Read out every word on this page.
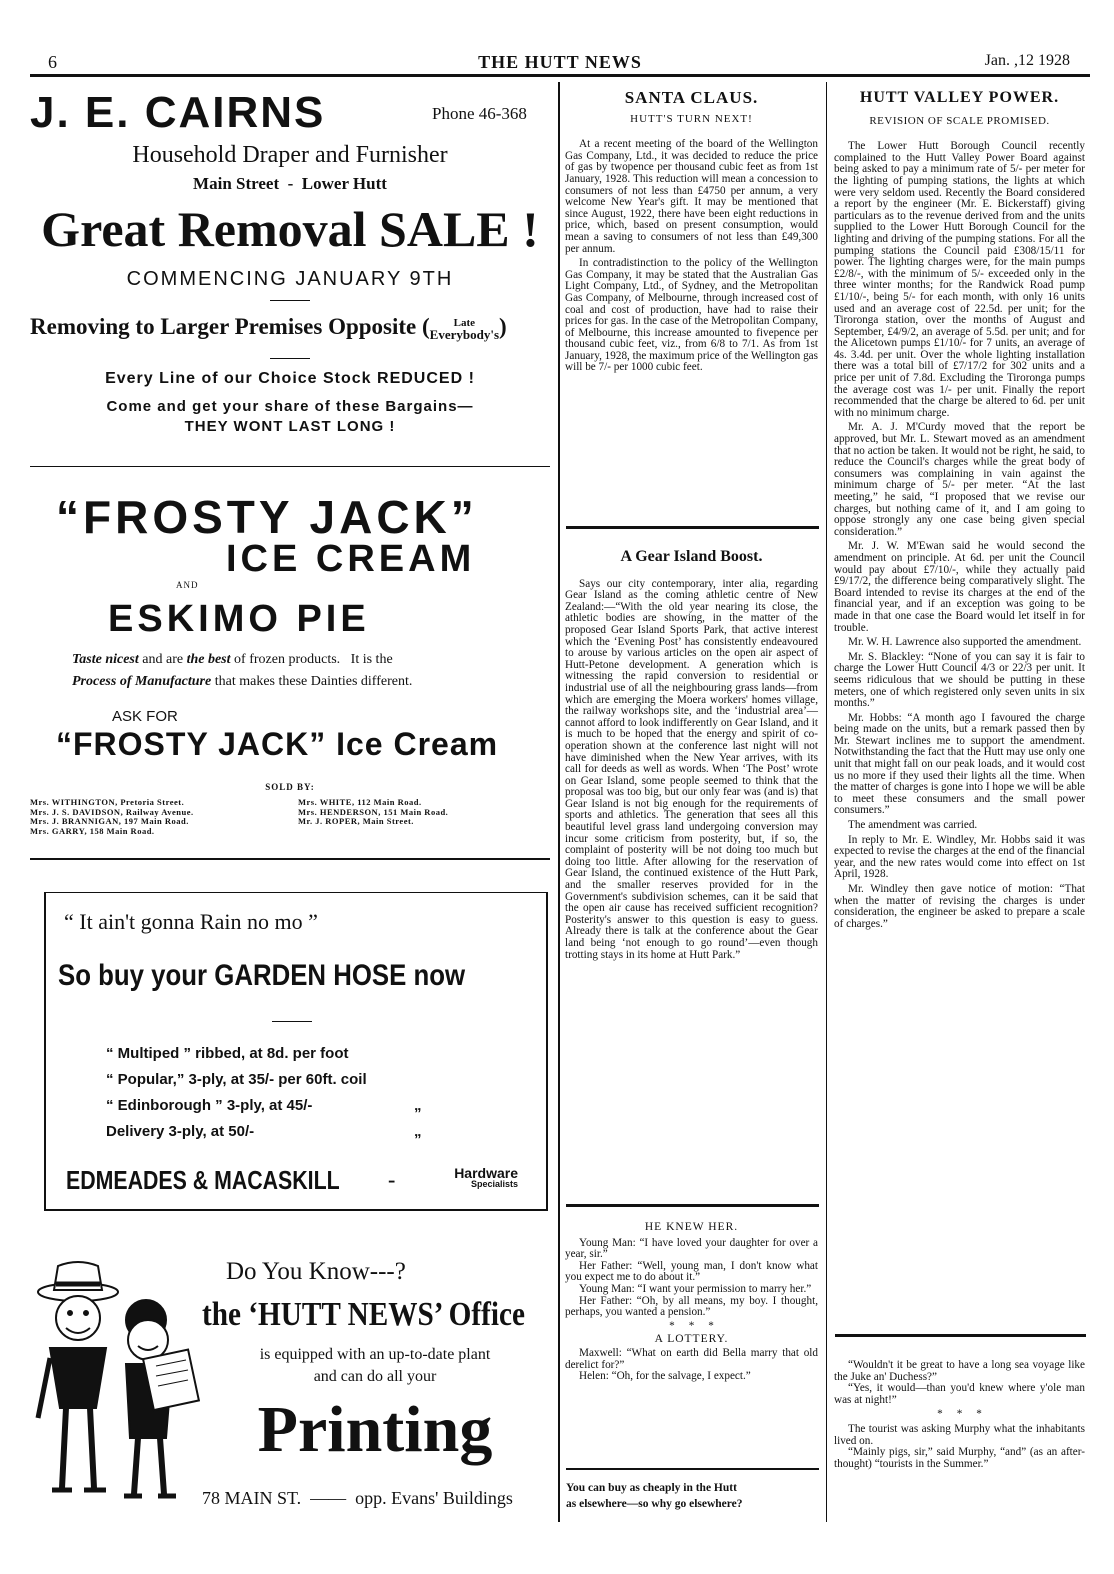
6	THE HUTT NEWS	Jan. ,12 1928
J. E. CAIRNS	Phone 46-368
Household Draper and Furnisher
Main Street  -  Lower Hutt
Great Removal SALE !
COMMENCING JANUARY 9TH
Removing to Larger Premises Opposite (	Late
Everybody's )
Every Line of our Choice Stock REDUCED !
Come and get your share of these Bargains—
THEY WONT LAST LONG !
“FROSTY JACK”
ICE CREAM
AND
ESKIMO PIE
Taste nicest and are the best of frozen products.   It is the
Process of Manufacture that makes these Dainties different.
ASK FOR
“FROSTY JACK” Ice Cream
SOLD BY:
Mrs. WITHINGTON, Pretoria Street.
Mrs. J. S. DAVIDSON, Railway Avenue.
Mrs. J. BRANNIGAN, 197 Main Road.
Mrs. GARRY, 158 Main Road.
Mrs. WHITE, 112 Main Road.
Mrs. HENDERSON, 151 Main Road.
Mr. J. ROPER, Main Street.
“ It ain't gonna Rain no mo ”
So buy your GARDEN HOSE now
“ Multiped ” ribbed, at 8d. per foot
“ Popular,” 3-ply, at 35/- per 60ft. coil
“ Edinborough ” 3-ply, at 45/-	„
Delivery 3-ply, at 50/-	„
EDMEADES & MACASKILL -	Hardware
Specialists
Do You Know---?
the ‘HUTT NEWS’ Office
is equipped with an up-to-date plant
and can do all your
Printing
78 MAIN ST.  ——  opp. Evans' Buildings
SANTA CLAUS.
HUTT'S TURN NEXT!

At a recent meeting of the board of the Wellington Gas Company, Ltd., it was decided to reduce the price of gas by twopence per thousand cubic feet as from 1st January, 1928. This reduction will mean a concession to consumers of not less than £4750 per annum, a very welcome New Year's gift. It may be mentioned that since August, 1922, there have been eight reductions in price, which, based on present consumption, would mean a saving to consumers of not less than £49,300 per annum.

In contradistinction to the policy of the Wellington Gas Company, it may be stated that the Australian Gas Light Company, Ltd., of Sydney, and the Metropolitan Gas Company, of Melbourne, through increased cost of coal and cost of production, have had to raise their prices for gas. In the case of the Metropolitan Company, of Melbourne, this increase amounted to fivepence per thousand cubic feet, viz., from 6/8 to 7/1. As from 1st January, 1928, the maximum price of the Wellington gas will be 7/- per 1000 cubic feet.

A Gear Island Boost.

Says our city contemporary, inter alia, regarding Gear Island as the coming athletic centre of New Zealand:—“With the old year nearing its close, the athletic bodies are showing, in the matter of the proposed Gear Island Sports Park, that active interest which the ‘Evening Post’ has consistently endeavoured to arouse by various articles on the open air aspect of Hutt-Petone development. A generation which is witnessing the rapid conversion to residential or industrial use of all the neighbouring grass lands—from which are emerging the Moera workers' homes village, the railway workshops site, and the ‘industrial area’—cannot afford to look indifferently on Gear Island, and it is much to be hoped that the energy and spirit of co-operation shown at the conference last night will not have diminished when the New Year arrives, with its call for deeds as well as words. When ‘The Post’ wrote on Gear Island, some people seemed to think that the proposal was too big, but our only fear was (and is) that Gear Island is not big enough for the requirements of sports and athletics. The generation that sees all this beautiful level grass land undergoing conversion may incur some criticism from posterity, but, if so, the complaint of posterity will be not doing too much but doing too little. After allowing for the reservation of Gear Island, the continued existence of the Hutt Park, and the smaller reserves provided for in the Government's subdivision schemes, can it be said that the open air cause has received sufficient recognition? Posterity's answer to this question is easy to guess. Already there is talk at the conference about the Gear land being ‘not enough to go round’—even though trotting stays in its home at Hutt Park.”

HE KNEW HER.

Young Man: “I have loved your daughter for over a year, sir.”

Her Father: “Well, young man, I don't know what you expect me to do about it.”

Young Man: “I want your permission to marry her.”

Her Father: “Oh, by all means, my boy. I thought, perhaps, you wanted a pension.”

*     *     *
A LOTTERY.

Maxwell: “What on earth did Bella marry that old derelict for?”

Helen: “Oh, for the salvage, I expect.”

You can buy as cheaply in the Hutt
as elsewhere—so why go elsewhere?
HUTT VALLEY POWER.
REVISION OF SCALE PROMISED.

The Lower Hutt Borough Council recently complained to the Hutt Valley Power Board against being asked to pay a minimum rate of 5/- per meter for the lighting of pumping stations, the lights at which were very seldom used. Recently the Board considered a report by the engineer (Mr. E. Bickerstaff) giving particulars as to the revenue derived from and the units supplied to the Lower Hutt Borough Council for the lighting and driving of the pumping stations. For all the pumping stations the Council paid £308/15/11 for power. The lighting charges were, for the main pumps £2/8/-, with the minimum of 5/- exceeded only in the three winter months; for the Randwick Road pump £1/10/-, being 5/- for each month, with only 16 units used and an average cost of 22.5d. per unit; for the Tiroronga station, over the months of August and September, £4/9/2, an average of 5.5d. per unit; and for the Alicetown pumps £1/10/- for 7 units, an average of 4s. 3.4d. per unit. Over the whole lighting installation there was a total bill of £7/17/2 for 302 units and a price per unit of 7.8d. Excluding the Tiroronga pumps the average cost was 1/- per unit. Finally the report recommended that the charge be altered to 6d. per unit with no minimum charge.

Mr. A. J. M'Curdy moved that the report be approved, but Mr. L. Stewart moved as an amendment that no action be taken. It would not be right, he said, to reduce the Council's charges while the great body of consumers was complaining in vain against the minimum charge of 5/- per meter. “At the last meeting,” he said, “I proposed that we revise our charges, but nothing came of it, and I am going to oppose strongly any one case being given special consideration.”

Mr. J. W. M'Ewan said he would second the amendment on principle. At 6d. per unit the Council would pay about £7/10/-, while they actually paid £9/17/2, the difference being comparatively slight. The Board intended to revise its charges at the end of the financial year, and if an exception was going to be made in that one case the Board would let itself in for trouble.

Mr. W. H. Lawrence also supported the amendment.

Mr. S. Blackley: “None of you can say it is fair to charge the Lower Hutt Council 4/3 or 22/3 per unit. It seems ridiculous that we should be putting in these meters, one of which registered only seven units in six months.”

Mr. Hobbs: “A month ago I favoured the charge being made on the units, but a remark passed then by Mr. Stewart inclines me to support the amendment. Notwithstanding the fact that the Hutt may use only one unit that might fall on our peak loads, and it would cost us no more if they used their lights all the time. When the matter of charges is gone into I hope we will be able to meet these consumers and the small power consumers.”

The amendment was carried.

In reply to Mr. E. Windley, Mr. Hobbs said it was expected to revise the charges at the end of the financial year, and the new rates would come into effect on 1st April, 1928.

Mr. Windley then gave notice of motion: “That when the matter of revising the charges is under consideration, the engineer be asked to prepare a scale of charges.”

“Wouldn't it be great to have a long sea voyage like the Juke an' Duchess?”

“Yes, it would—than you'd knew where y'ole man was at night!”

*     *     *

The tourist was asking Murphy what the inhabitants lived on.

“Mainly pigs, sir,” said Murphy, “and” (as an after-thought) “tourists in the Summer.”
